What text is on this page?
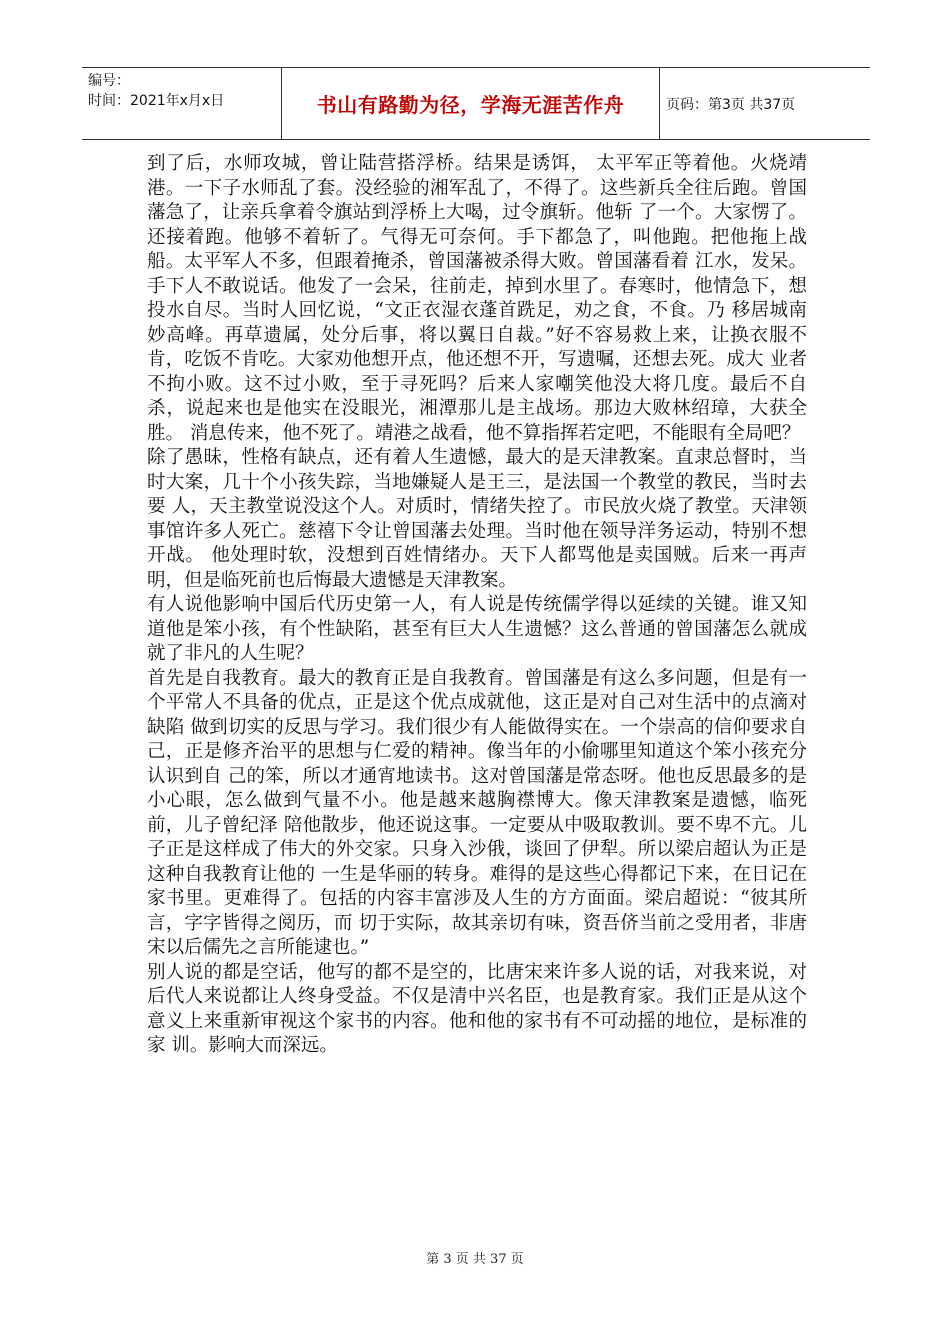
编号：
时间：2021年x月x日	书山有路勤为径，学海无涯苦作舟	页码：第3页 共37页

到了后，水师攻城，曾让陆营搭浮桥。结果是诱饵， 太平军正等着他。火烧靖港。一下子水师乱了套。没经验的湘军乱了，不得了。这些新兵全往后跑。曾国藩急了，让亲兵拿着令旗站到浮桥上大喝，过令旗斩。他斩 了一个。大家愣了。还接着跑。他够不着斩了。气得无可奈何。手下都急了，叫他跑。把他拖上战船。太平军人不多，但跟着掩杀，曾国藩被杀得大败。曾国藩看着 江水，发呆。手下人不敢说话。他发了一会呆，往前走，掉到水里了。春寒时，他情急下，想投水自尽。当时人回忆说，“文正衣湿衣蓬首跣足，劝之食，不食。乃 移居城南妙高峰。再草遗属，处分后事，将以翼日自裁。”好不容易救上来，让换衣服不肯，吃饭不肯吃。大家劝他想开点，他还想不开，写遗嘱，还想去死。成大 业者不拘小败。这不过小败，至于寻死吗？后来人家嘲笑他没大将几度。最后不自杀，说起来也是他实在没眼光，湘潭那儿是主战场。那边大败林绍璋，大获全胜。 消息传来，他不死了。靖港之战看，他不算指挥若定吧，不能眼有全局吧？

除了愚昧，性格有缺点，还有着人生遗憾，最大的是天津教案。直隶总督时，当时大案，几十个小孩失踪，当地嫌疑人是王三，是法国一个教堂的教民，当时去要 人，天主教堂说没这个人。对质时，情绪失控了。市民放火烧了教堂。天津领事馆许多人死亡。慈禧下令让曾国藩去处理。当时他在领导洋务运动，特别不想开战。 他处理时软，没想到百姓情绪办。天下人都骂他是卖国贼。后来一再声明，但是临死前也后悔最大遗憾是天津教案。

有人说他影响中国后代历史第一人，有人说是传统儒学得以延续的关键。谁又知道他是笨小孩，有个性缺陷，甚至有巨大人生遗憾？这么普通的曾国藩怎么就成就了非凡的人生呢？

首先是自我教育。最大的教育正是自我教育。曾国藩是有这么多问题，但是有一个平常人不具备的优点，正是这个优点成就他，这正是对自己对生活中的点滴对缺陷 做到切实的反思与学习。我们很少有人能做得实在。一个崇高的信仰要求自己，正是修齐治平的思想与仁爱的精神。像当年的小偷哪里知道这个笨小孩充分认识到自 己的笨，所以才通宵地读书。这对曾国藩是常态呀。他也反思最多的是小心眼，怎么做到气量不小。他是越来越胸襟博大。像天津教案是遗憾，临死前，儿子曾纪泽 陪他散步，他还说这事。一定要从中吸取教训。要不卑不亢。儿子正是这样成了伟大的外交家。只身入沙俄，谈回了伊犁。所以梁启超认为正是这种自我教育让他的 一生是华丽的转身。难得的是这些心得都记下来，在日记在家书里。更难得了。包括的内容丰富涉及人生的方方面面。梁启超说：“彼其所言，字字皆得之阅历，而 切于实际，故其亲切有味，资吾侪当前之受用者，非唐宋以后儒先之言所能逮也。”

别人说的都是空话，他写的都不是空的，比唐宋来许多人说的话，对我来说，对 后代人来说都让人终身受益。不仅是清中兴名臣，也是教育家。我们正是从这个意义上来重新审视这个家书的内容。他和他的家书有不可动摇的地位，是标准的家 训。影响大而深远。

第 3 页 共 37 页
